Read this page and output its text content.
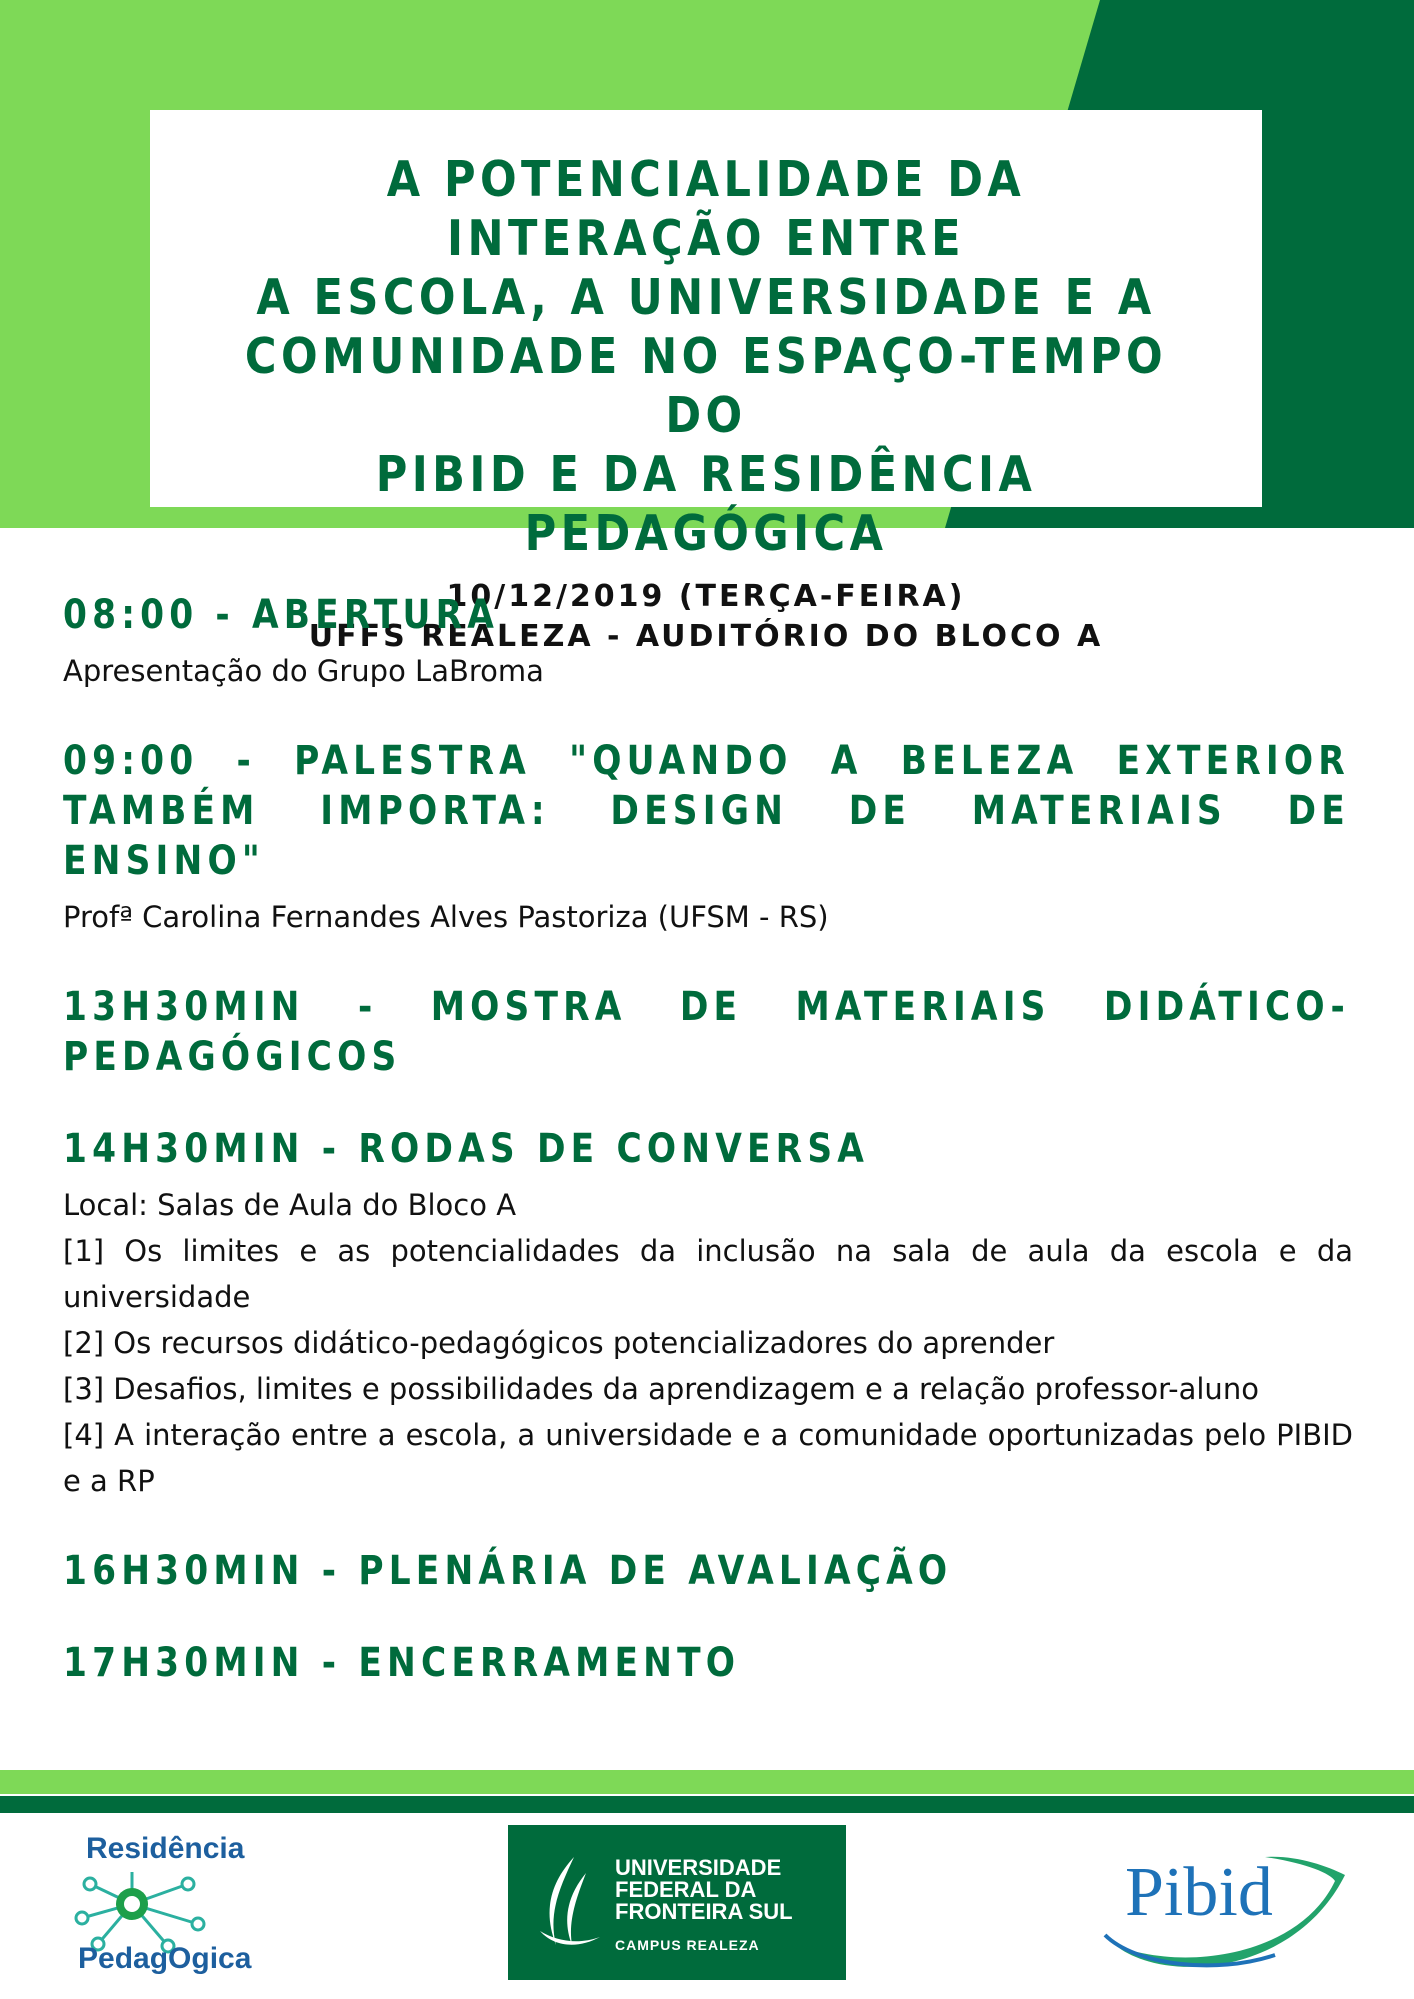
A POTENCIALIDADE DA INTERAÇÃO ENTRE
A ESCOLA, A UNIVERSIDADE E A
COMUNIDADE NO ESPAÇO-TEMPO DO
PIBID E DA RESIDÊNCIA PEDAGÓGICA
10/12/2019 (TERÇA-FEIRA)
UFFS REALEZA - AUDITÓRIO DO BLOCO A
08:00 - ABERTURA

Apresentação do Grupo LaBroma

09:00 - PALESTRA "QUANDO A BELEZA EXTERIOR TAMBÉM IMPORTA: DESIGN DE MATERIAIS DE ENSINO"

Profª Carolina Fernandes Alves Pastoriza (UFSM - RS)

13H30MIN - MOSTRA DE MATERIAIS DIDÁTICO-PEDAGÓGICOS
14H30MIN - RODAS DE CONVERSA

Local: Salas de Aula do Bloco A

[1] Os limites e as potencialidades da inclusão na sala de aula da escola e da universidade

[2] Os recursos didático-pedagógicos potencializadores do aprender

[3] Desafios, limites e possibilidades da aprendizagem e a relação professor-aluno

[4] A interação entre a escola, a universidade e a comunidade oportunizadas pelo PIBID e a RP

16H30MIN - PLENÁRIA DE AVALIAÇÃO
17H30MIN - ENCERRAMENTO
Residência
PedagOgica
UNIVERSIDADE
FEDERAL DA
FRONTEIRA SUL
CAMPUS REALEZA
Pibid
